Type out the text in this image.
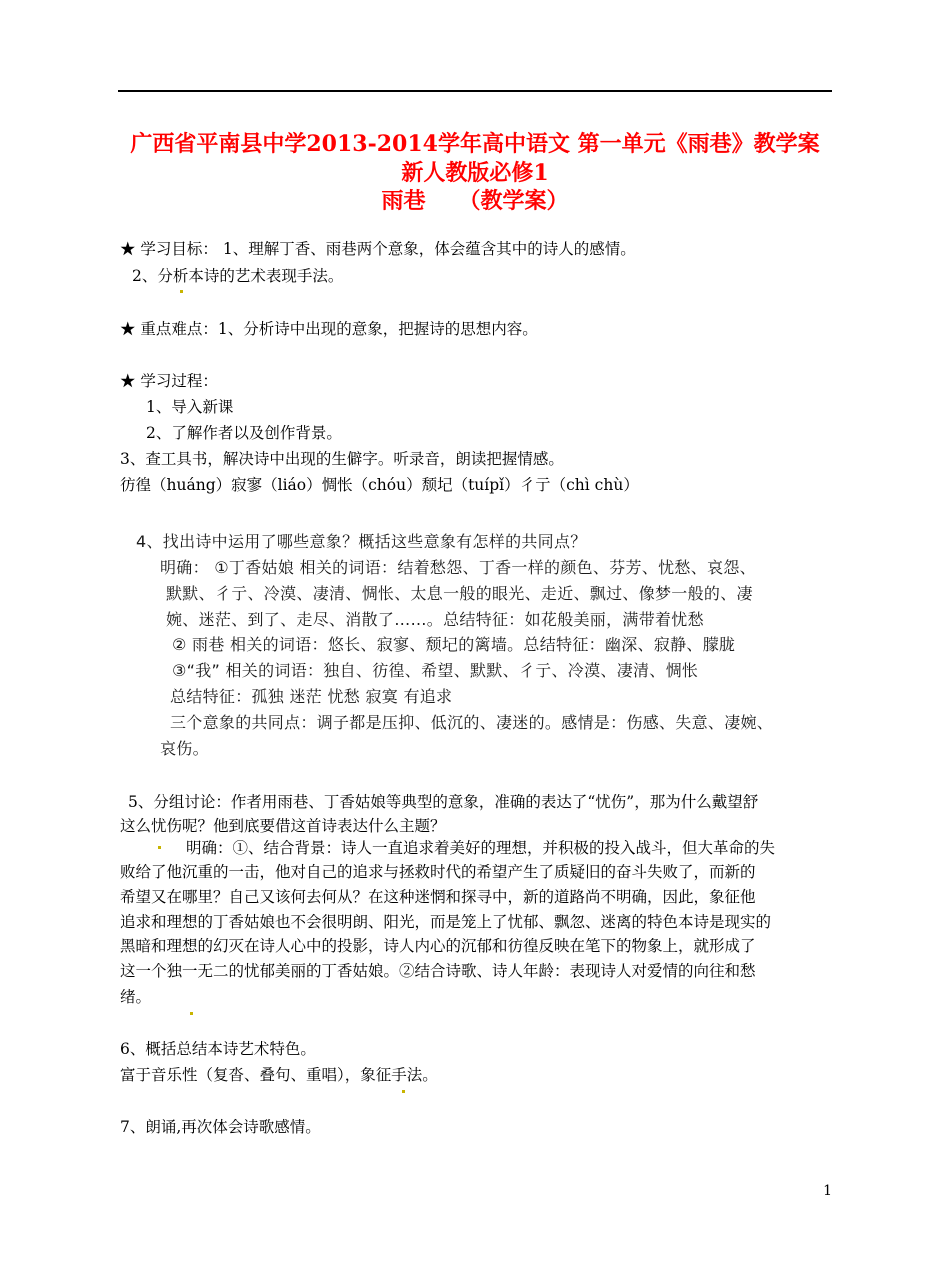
广西省平南县中学2013-2014学年高中语文 第一单元《雨巷》教学案
新人教版必修1
雨巷　　（教学案）
★ 学习目标： 1、理解丁香、雨巷两个意象，体会蕴含其中的诗人的感情。
2、分析本诗的艺术表现手法。
★ 重点难点：1、分析诗中出现的意象，把握诗的思想内容。
★ 学习过程：
1、导入新课
2、了解作者以及创作背景。
3、查工具书，解决诗中出现的生僻字。听录音，朗读把握情感。
彷徨（huáng）寂寥（liáo）惆怅（chóu）颓圮（tuípǐ）彳亍（chì chù）
4、找出诗中运用了哪些意象？概括这些意象有怎样的共同点？
明确： ①丁香姑娘 相关的词语：结着愁怨、丁香一样的颜色、芬芳、忧愁、哀怨、
默默、彳亍、冷漠、凄清、惆怅、太息一般的眼光、走近、飘过、像梦一般的、凄
婉、迷茫、到了、走尽、消散了……。总结特征：如花般美丽，满带着忧愁
② 雨巷 相关的词语：悠长、寂寥、颓圮的篱墙。总结特征：幽深、寂静、朦胧
③“我” 相关的词语：独自、彷徨、希望、默默、彳亍、冷漠、凄清、惆怅
总结特征：孤独 迷茫 忧愁 寂寞 有追求
三个意象的共同点：调子都是压抑、低沉的、凄迷的。感情是：伤感、失意、凄婉、
哀伤。
5、分组讨论：作者用雨巷、丁香姑娘等典型的意象，准确的表达了“忧伤”，那为什么戴望舒
这么忧伤呢？他到底要借这首诗表达什么主题？
明确：①、结合背景：诗人一直追求着美好的理想，并积极的投入战斗，但大革命的失
败给了他沉重的一击，他对自己的追求与拯救时代的希望产生了质疑旧的奋斗失败了，而新的
希望又在哪里？自己又该何去何从？在这种迷惘和探寻中，新的道路尚不明确，因此，象征他
追求和理想的丁香姑娘也不会很明朗、阳光，而是笼上了忧郁、飘忽、迷离的特色本诗是现实的
黑暗和理想的幻灭在诗人心中的投影，诗人内心的沉郁和彷徨反映在笔下的物象上，就形成了
这一个独一无二的忧郁美丽的丁香姑娘。②结合诗歌、诗人年龄：表现诗人对爱情的向往和愁
绪。
6、概括总结本诗艺术特色。
富于音乐性（复沓、叠句、重唱），象征手法。
7、朗诵,再次体会诗歌感情。
1
